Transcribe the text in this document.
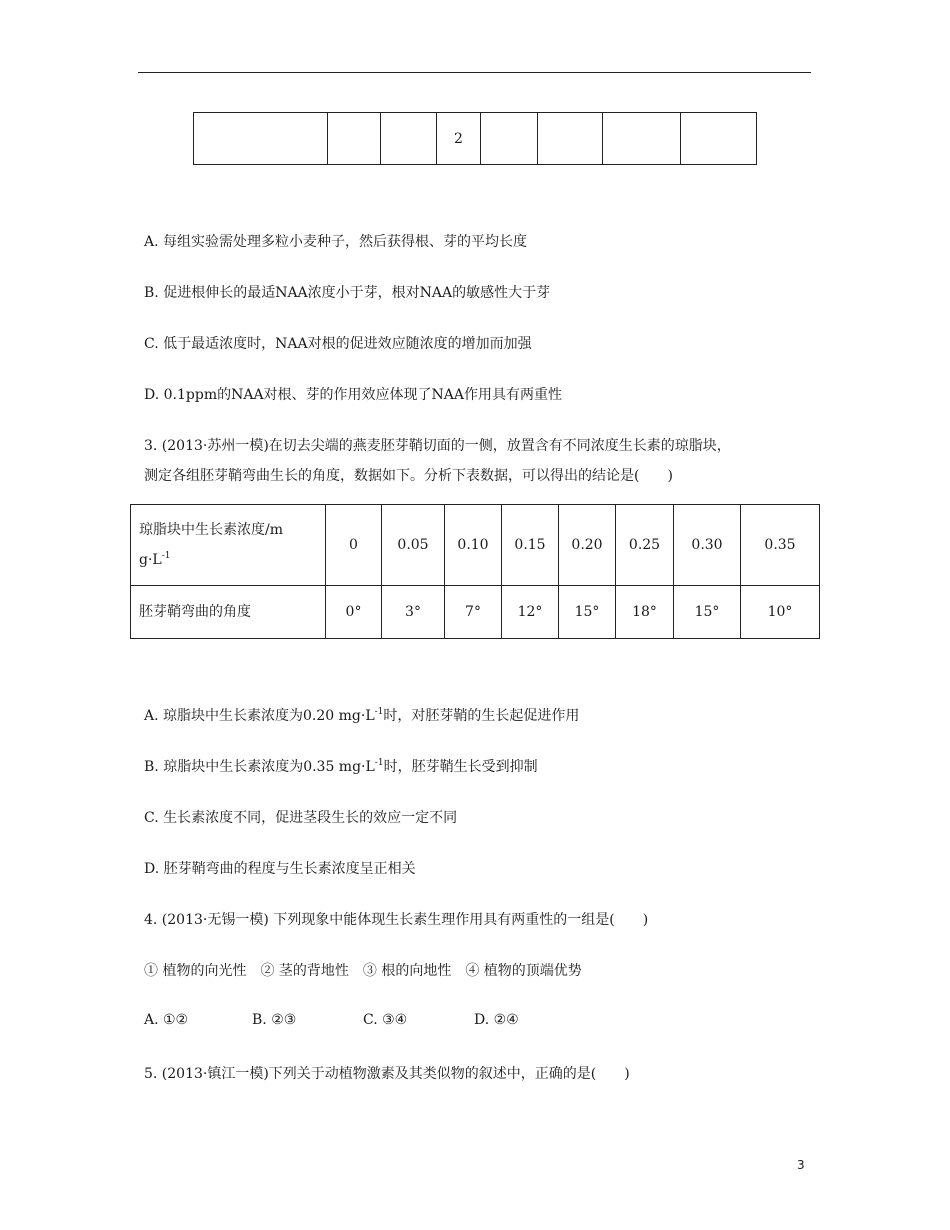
			2				
A. 每组实验需处理多粒小麦种子，然后获得根、芽的平均长度
B. 促进根伸长的最适NAA浓度小于芽，根对NAA的敏感性大于芽
C. 低于最适浓度时，NAA对根的促进效应随浓度的增加而加强
D. 0.1ppm的NAA对根、芽的作用效应体现了NAA作用具有两重性
3. (2013·苏州一模)在切去尖端的燕麦胚芽鞘切面的一侧，放置含有不同浓度生长素的琼脂块，
测定各组胚芽鞘弯曲生长的角度，数据如下。分析下表数据，可以得出的结论是(　　)
琼脂块中生长素浓度/m
$g\cdot L^{-1}$	0	0.05	0.10	0.15	0.20	0.25	0.30	0.35
胚芽鞘弯曲的角度	0°	3°	7°	12°	15°	18°	15°	10°
A. 琼脂块中生长素浓度为0.20 $mg\cdot L^{-1}$时，对胚芽鞘的生长起促进作用
B. 琼脂块中生长素浓度为0.35 $mg\cdot L^{-1}$时，胚芽鞘生长受到抑制
C. 生长素浓度不同，促进茎段生长的效应一定不同
D. 胚芽鞘弯曲的程度与生长素浓度呈正相关
4. (2013·无锡一模) 下列现象中能体现生长素生理作用具有两重性的一组是(　　)
① 植物的向光性　② 茎的背地性　③ 根的向地性　④ 植物的顶端优势
A. ①②	B. ②③	C. ③④	D. ②④
5. (2013·镇江一模)下列关于动植物激素及其类似物的叙述中，正确的是(　　)
3
